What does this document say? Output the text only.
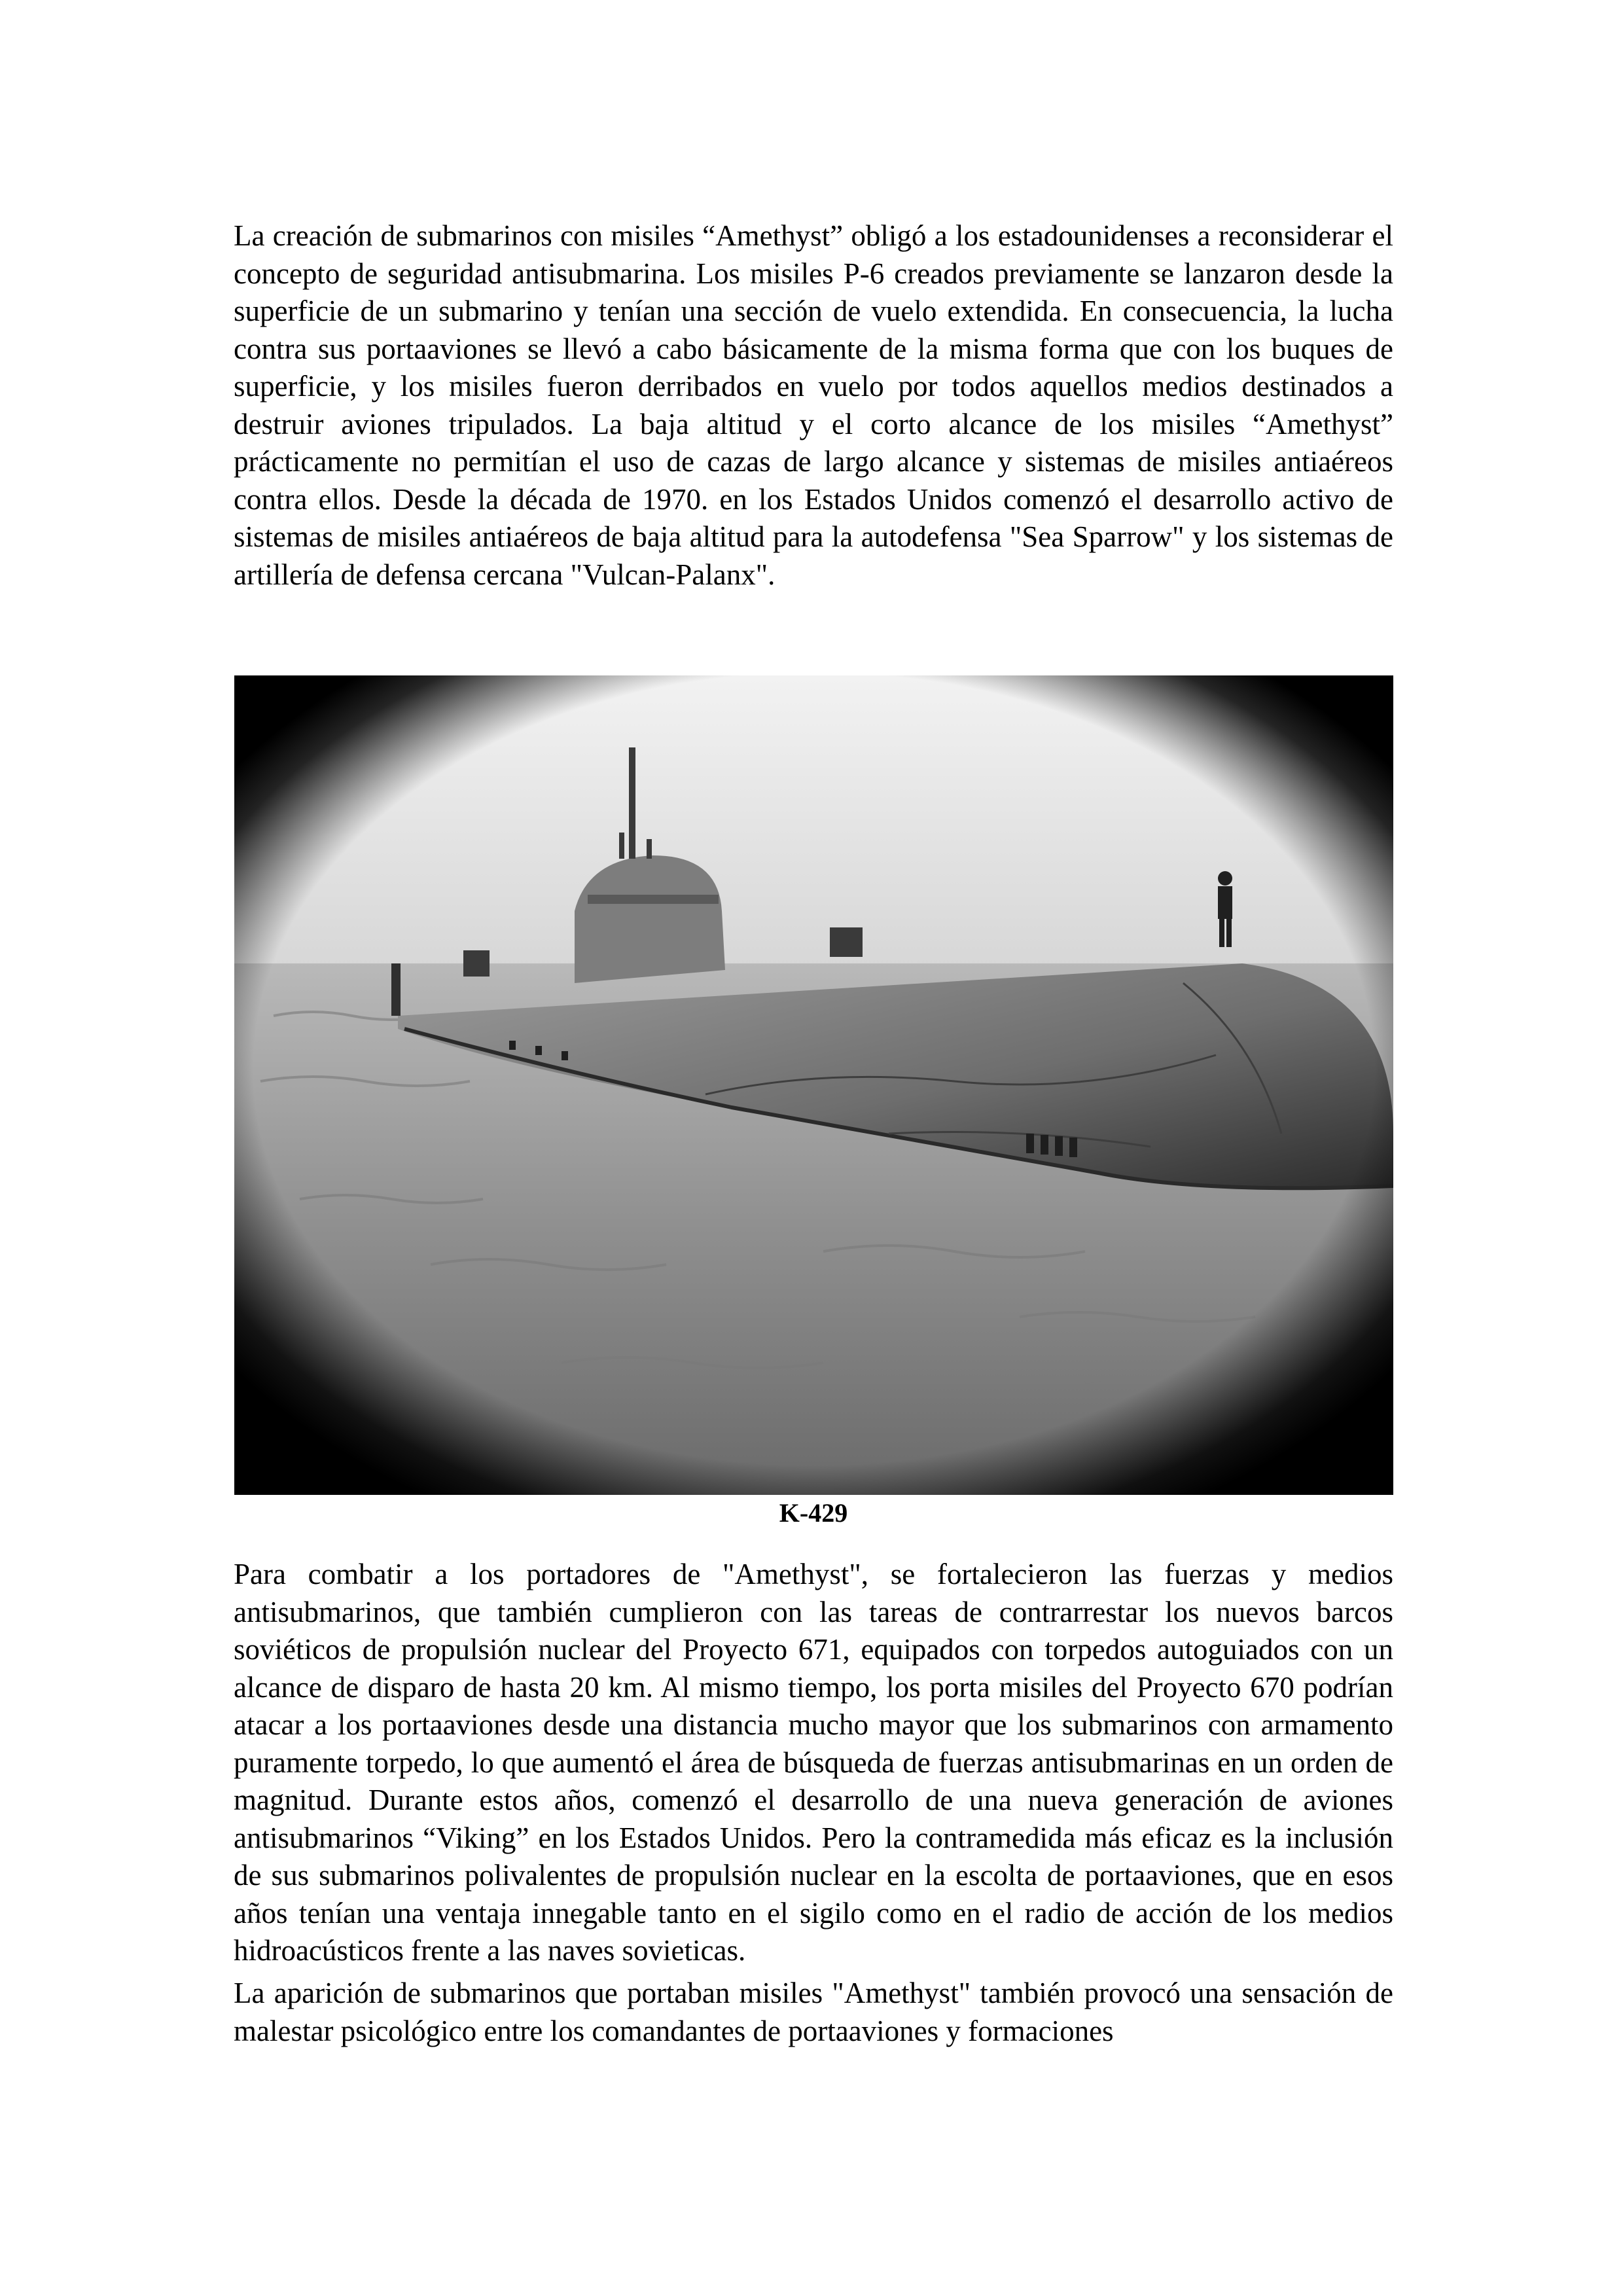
La creación de submarinos con misiles “Amethyst” obligó a los estadounidenses a reconsiderar el concepto de seguridad antisubmarina. Los misiles P-6 creados previamente se lanzaron desde la superficie de un submarino y tenían una sección de vuelo extendida. En consecuencia, la lucha contra sus portaaviones se llevó a cabo básicamente de la misma forma que con los buques de superficie, y los misiles fueron derribados en vuelo por todos aquellos medios destinados a destruir aviones tripulados. La baja altitud y el corto alcance de los misiles “Amethyst” prácticamente no permitían el uso de cazas de largo alcance y sistemas de misiles antiaéreos contra ellos. Desde la década de 1970. en los Estados Unidos comenzó el desarrollo activo de sistemas de misiles antiaéreos de baja altitud para la autodefensa "Sea Sparrow" y los sistemas de artillería de defensa cercana "Vulcan-Palanx".

K-429

Para combatir a los portadores de "Amethyst", se fortalecieron las fuerzas y medios antisubmarinos, que también cumplieron con las tareas de contrarrestar los nuevos barcos soviéticos de propulsión nuclear del Proyecto 671, equipados con torpedos autoguiados con un alcance de disparo de hasta 20 km. Al mismo tiempo, los porta misiles del Proyecto 670 podrían atacar a los portaaviones desde una distancia mucho mayor que los submarinos con armamento puramente torpedo, lo que aumentó el área de búsqueda de fuerzas antisubmarinas en un orden de magnitud. Durante estos años, comenzó el desarrollo de una nueva generación de aviones antisubmarinos “Viking” en los Estados Unidos. Pero la contramedida más eficaz es la inclusión de sus submarinos polivalentes de propulsión nuclear en la escolta de portaaviones, que en esos años tenían una ventaja innegable tanto en el sigilo como en el radio de acción de los medios hidroacústicos frente a las naves sovieticas.

La aparición de submarinos que portaban misiles "Amethyst" también provocó una sensación de malestar psicológico entre los comandantes de portaaviones y formaciones
